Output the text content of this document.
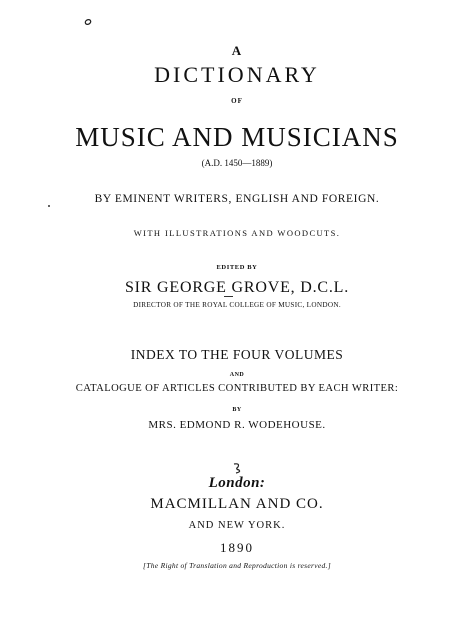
A
DICTIONARY
OF
MUSIC AND MUSICIANS
(A.D. 1450—1889)
BY EMINENT WRITERS, ENGLISH AND FOREIGN.
WITH ILLUSTRATIONS AND WOODCUTS.
EDITED BY
SIR GEORGE GROVE, D.C.L.
DIRECTOR OF THE ROYAL COLLEGE OF MUSIC, LONDON.
INDEX TO THE FOUR VOLUMES
AND
CATALOGUE OF ARTICLES CONTRIBUTED BY EACH WRITER:
BY
MRS. EDMOND R. WODEHOUSE.
London:
MACMILLAN AND CO.
AND NEW YORK.
1890
[The Right of Translation and Reproduction is reserved.]
